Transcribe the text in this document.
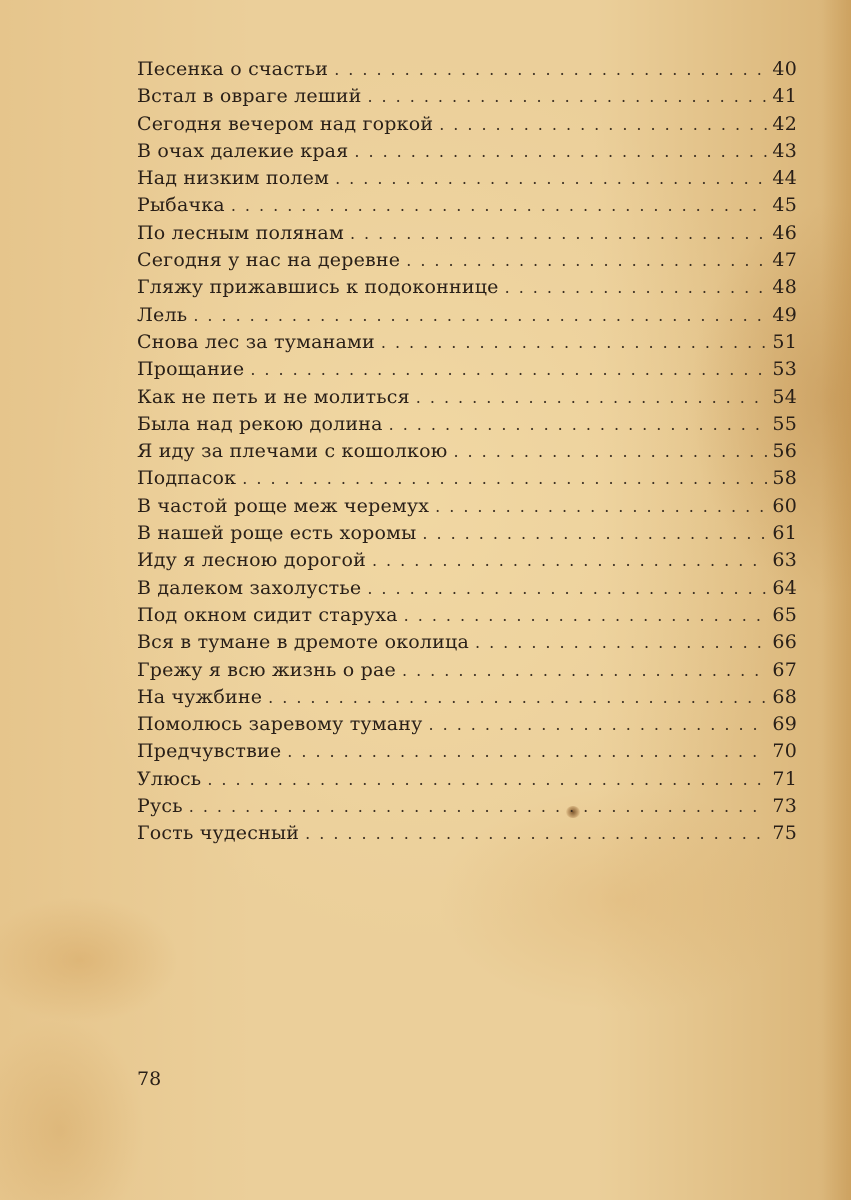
Песенка о счастьи .....	40
Встал в овраге леший .....	41
Сегодня вечером над горкой .....	42
В очах далекие края .....	43
Над низким полем .....	44
Рыбачка .....	45
По лесным полянам .....	46
Сегодня у нас на деревне .....	47
Гляжу прижавшись к подоконнице .....	48
Лель .....	49
Снова лес за туманами .....	51
Прощание .....	53
Как не петь и не молиться .....	54
Была над рекою долина .....	55
Я иду за плечами с кошолкою .....	56
Подпасок .....	58
В частой роще меж черемух .....	60
В нашей роще есть хоромы .....	61
Иду я лесною дорогой .....	63
В далеком захолустье .....	64
Под окном сидит старуха .....	65
Вся в тумане в дремоте околица .....	66
Грежу я всю жизнь о рае .....	67
На чужбине .....	68
Помолюсь заревому туману .....	69
Предчувствие .....	70
Улюсь .....	71
Русь .....	73
Гость чудесный .....	75
78
